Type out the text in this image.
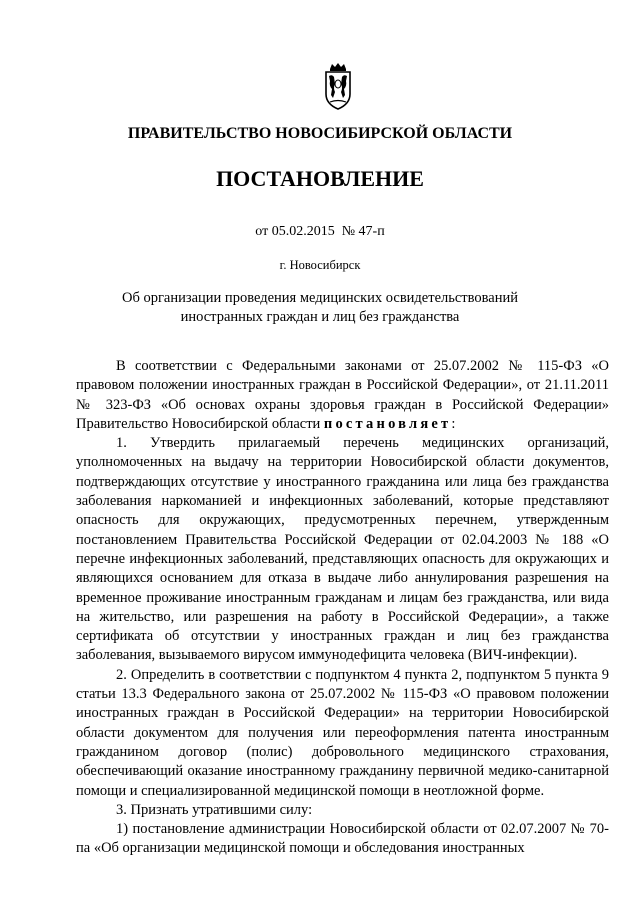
ПРАВИТЕЛЬСТВО НОВОСИБИРСКОЙ ОБЛАСТИ
ПОСТАНОВЛЕНИЕ
от 05.02.2015  № 47-п
г. Новосибирск
Об организации проведения медицинских освидетельствований
иностранных граждан и лиц без гражданства

В соответствии с Федеральными законами от 25.07.2002 № 115-ФЗ «О правовом положении иностранных граждан в Российской Федерации», от 21.11.2011 № 323-ФЗ «Об основах охраны здоровья граждан в Российской Федерации» Правительство Новосибирской области постановляет:

1. Утвердить прилагаемый перечень медицинских организаций, уполномоченных на выдачу на территории Новосибирской области документов, подтверждающих отсутствие у иностранного гражданина или лица без гражданства заболевания наркоманией и инфекционных заболеваний, которые представляют опасность для окружающих, предусмотренных перечнем, утвержденным постановлением Правительства Российской Федерации от 02.04.2003 № 188 «О перечне инфекционных заболеваний, представляющих опасность для окружающих и являющихся основанием для отказа в выдаче либо аннулирования разрешения на временное проживание иностранным гражданам и лицам без гражданства, или вида на жительство, или разрешения на работу в Российской Федерации», а также сертификата об отсутствии у иностранных граждан и лиц без гражданства заболевания, вызываемого вирусом иммунодефицита человека (ВИЧ-инфекции).

2. Определить в соответствии с подпунктом 4 пункта 2, подпунктом 5 пункта 9 статьи 13.3 Федерального закона от 25.07.2002 № 115-ФЗ «О правовом положении иностранных граждан в Российской Федерации» на территории Новосибирской области документом для получения или переоформления патента иностранным гражданином договор (полис) добровольного медицинского страхования, обеспечивающий оказание иностранному гражданину первичной медико-санитарной помощи и специализированной медицинской помощи в неотложной форме.

3. Признать утратившими силу:

1) постановление администрации Новосибирской области от 02.07.2007 № 70-па «Об организации медицинской помощи и обследования иностранных
